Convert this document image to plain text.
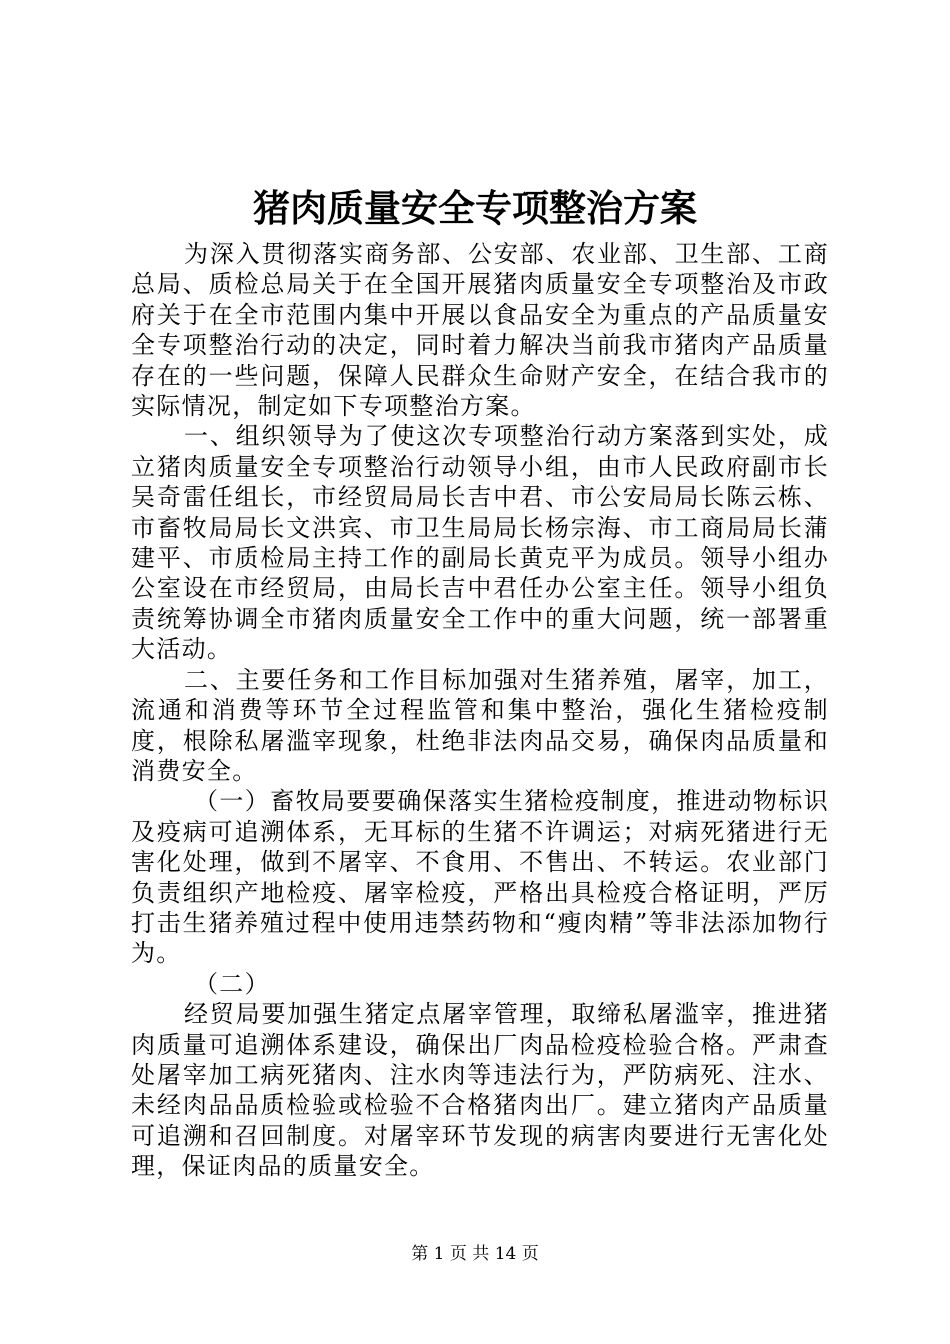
猪肉质量安全专项整治方案

为深入贯彻落实商务部、公安部、农业部、卫生部、工商总局、质检总局关于在全国开展猪肉质量安全专项整治及市政府关于在全市范围内集中开展以食品安全为重点的产品质量安全专项整治行动的决定，同时着力解决当前我市猪肉产品质量存在的一些问题，保障人民群众生命财产安全，在结合我市的实际情况，制定如下专项整治方案。

一、组织领导为了使这次专项整治行动方案落到实处，成立猪肉质量安全专项整治行动领导小组，由市人民政府副市长吴奇雷任组长，市经贸局局长吉中君、市公安局局长陈云栋、市畜牧局局长文洪宾、市卫生局局长杨宗海、市工商局局长蒲建平、市质检局主持工作的副局长黄克平为成员。领导小组办公室设在市经贸局，由局长吉中君任办公室主任。领导小组负责统筹协调全市猪肉质量安全工作中的重大问题，统一部署重大活动。

二、主要任务和工作目标加强对生猪养殖，屠宰，加工，流通和消费等环节全过程监管和集中整治，强化生猪检疫制度，根除私屠滥宰现象，杜绝非法肉品交易，确保肉品质量和消费安全。

（一）畜牧局要要确保落实生猪检疫制度，推进动物标识及疫病可追溯体系，无耳标的生猪不许调运；对病死猪进行无害化处理，做到不屠宰、不食用、不售出、不转运。农业部门负责组织产地检疫、屠宰检疫，严格出具检疫合格证明，严厉打击生猪养殖过程中使用违禁药物和“瘦肉精”等非法添加物行为。

（二）

经贸局要加强生猪定点屠宰管理，取缔私屠滥宰，推进猪肉质量可追溯体系建设，确保出厂肉品检疫检验合格。严肃查处屠宰加工病死猪肉、注水肉等违法行为，严防病死、注水、未经肉品品质检验或检验不合格猪肉出厂。建立猪肉产品质量可追溯和召回制度。对屠宰环节发现的病害肉要进行无害化处理，保证肉品的质量安全。

第 1 页 共 14 页
